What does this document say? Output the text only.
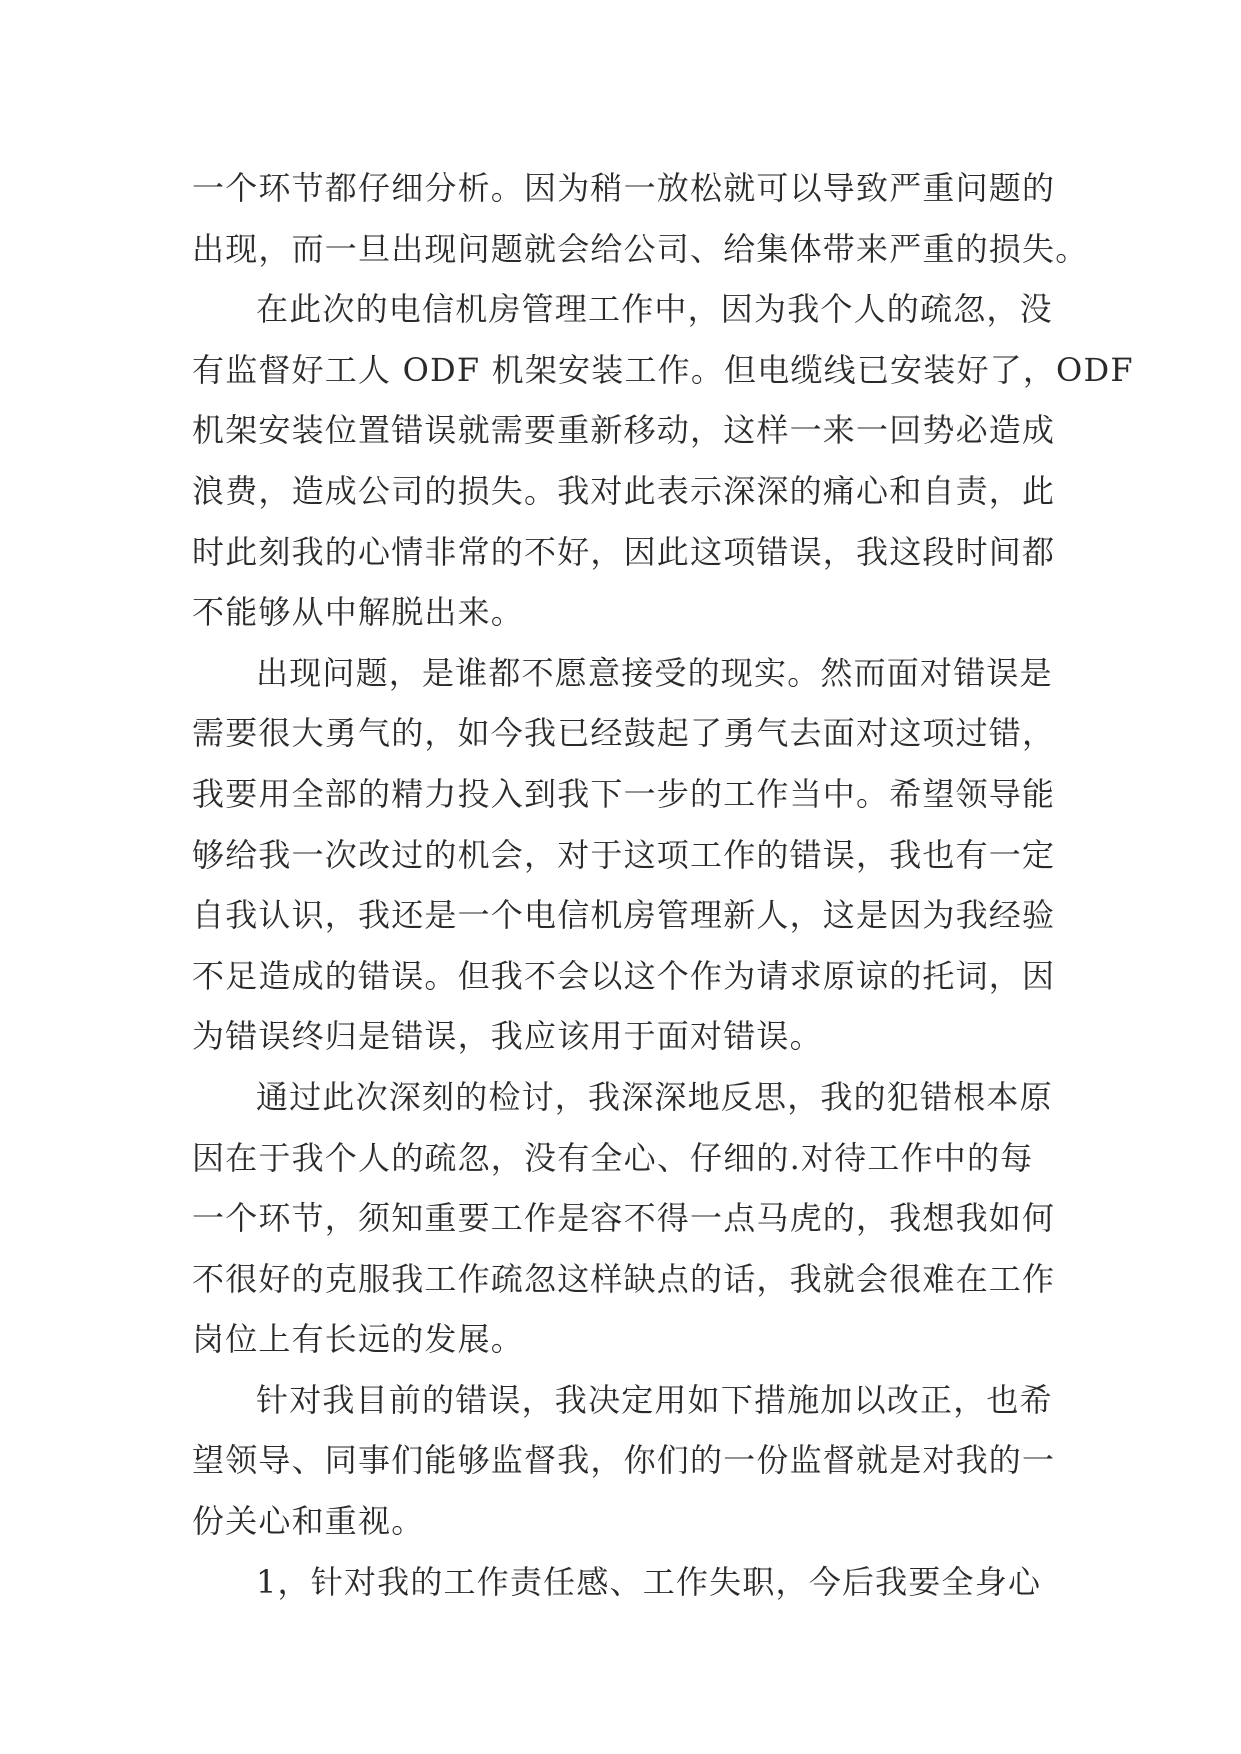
一个环节都仔细分析。因为稍一放松就可以导致严重问题的
出现，而一旦出现问题就会给公司、给集体带来严重的损失。
在此次的电信机房管理工作中，因为我个人的疏忽，没
有监督好工人 ODF 机架安装工作。但电缆线已安装好了，ODF
机架安装位置错误就需要重新移动，这样一来一回势必造成
浪费，造成公司的损失。我对此表示深深的痛心和自责，此
时此刻我的心情非常的不好，因此这项错误，我这段时间都
不能够从中解脱出来。
出现问题，是谁都不愿意接受的现实。然而面对错误是
需要很大勇气的，如今我已经鼓起了勇气去面对这项过错，
我要用全部的精力投入到我下一步的工作当中。希望领导能
够给我一次改过的机会，对于这项工作的错误，我也有一定
自我认识，我还是一个电信机房管理新人，这是因为我经验
不足造成的错误。但我不会以这个作为请求原谅的托词，因
为错误终归是错误，我应该用于面对错误。
通过此次深刻的检讨，我深深地反思，我的犯错根本原
因在于我个人的疏忽，没有全心、仔细的.对待工作中的每
一个环节，须知重要工作是容不得一点马虎的，我想我如何
不很好的克服我工作疏忽这样缺点的话，我就会很难在工作
岗位上有长远的发展。
针对我目前的错误，我决定用如下措施加以改正，也希
望领导、同事们能够监督我，你们的一份监督就是对我的一
份关心和重视。
1，针对我的工作责任感、工作失职，今后我要全身心
